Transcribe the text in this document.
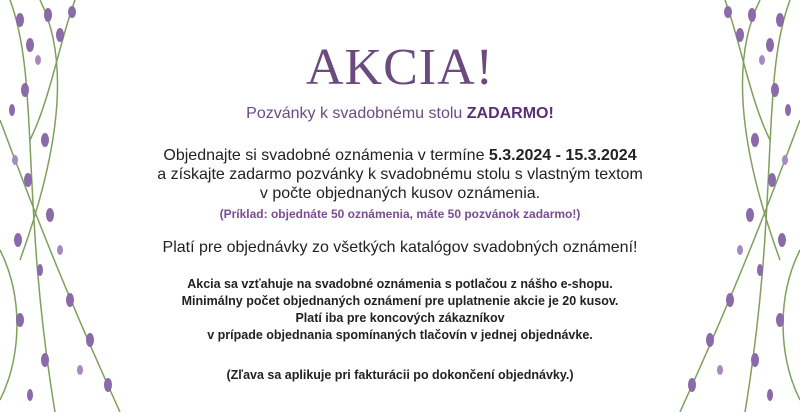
AKCIA!
Pozvánky k svadobnému stolu ZADARMO!
Objednajte si svadobné oznámenia v termíne 5.3.2024 - 15.3.2024
a získajte zadarmo pozvánky k svadobnému stolu s vlastným textom
v počte objednaných kusov oznámenia.
(Príklad: objednáte 50 oznámenia, máte 50 pozvánok zadarmo!)
Platí pre objednávky zo všetkých katalógov svadobných oznámení!
Akcia sa vzťahuje na svadobné oznámenia s potlačou z nášho e-shopu.
Minimálny počet objednaných oznámení pre uplatnenie akcie je 20 kusov.
Platí iba pre koncových zákazníkov
v prípade objednania spomínaných tlačovín v jednej objednávke.
(Zľava sa aplikuje pri fakturácii po dokončení objednávky.)
